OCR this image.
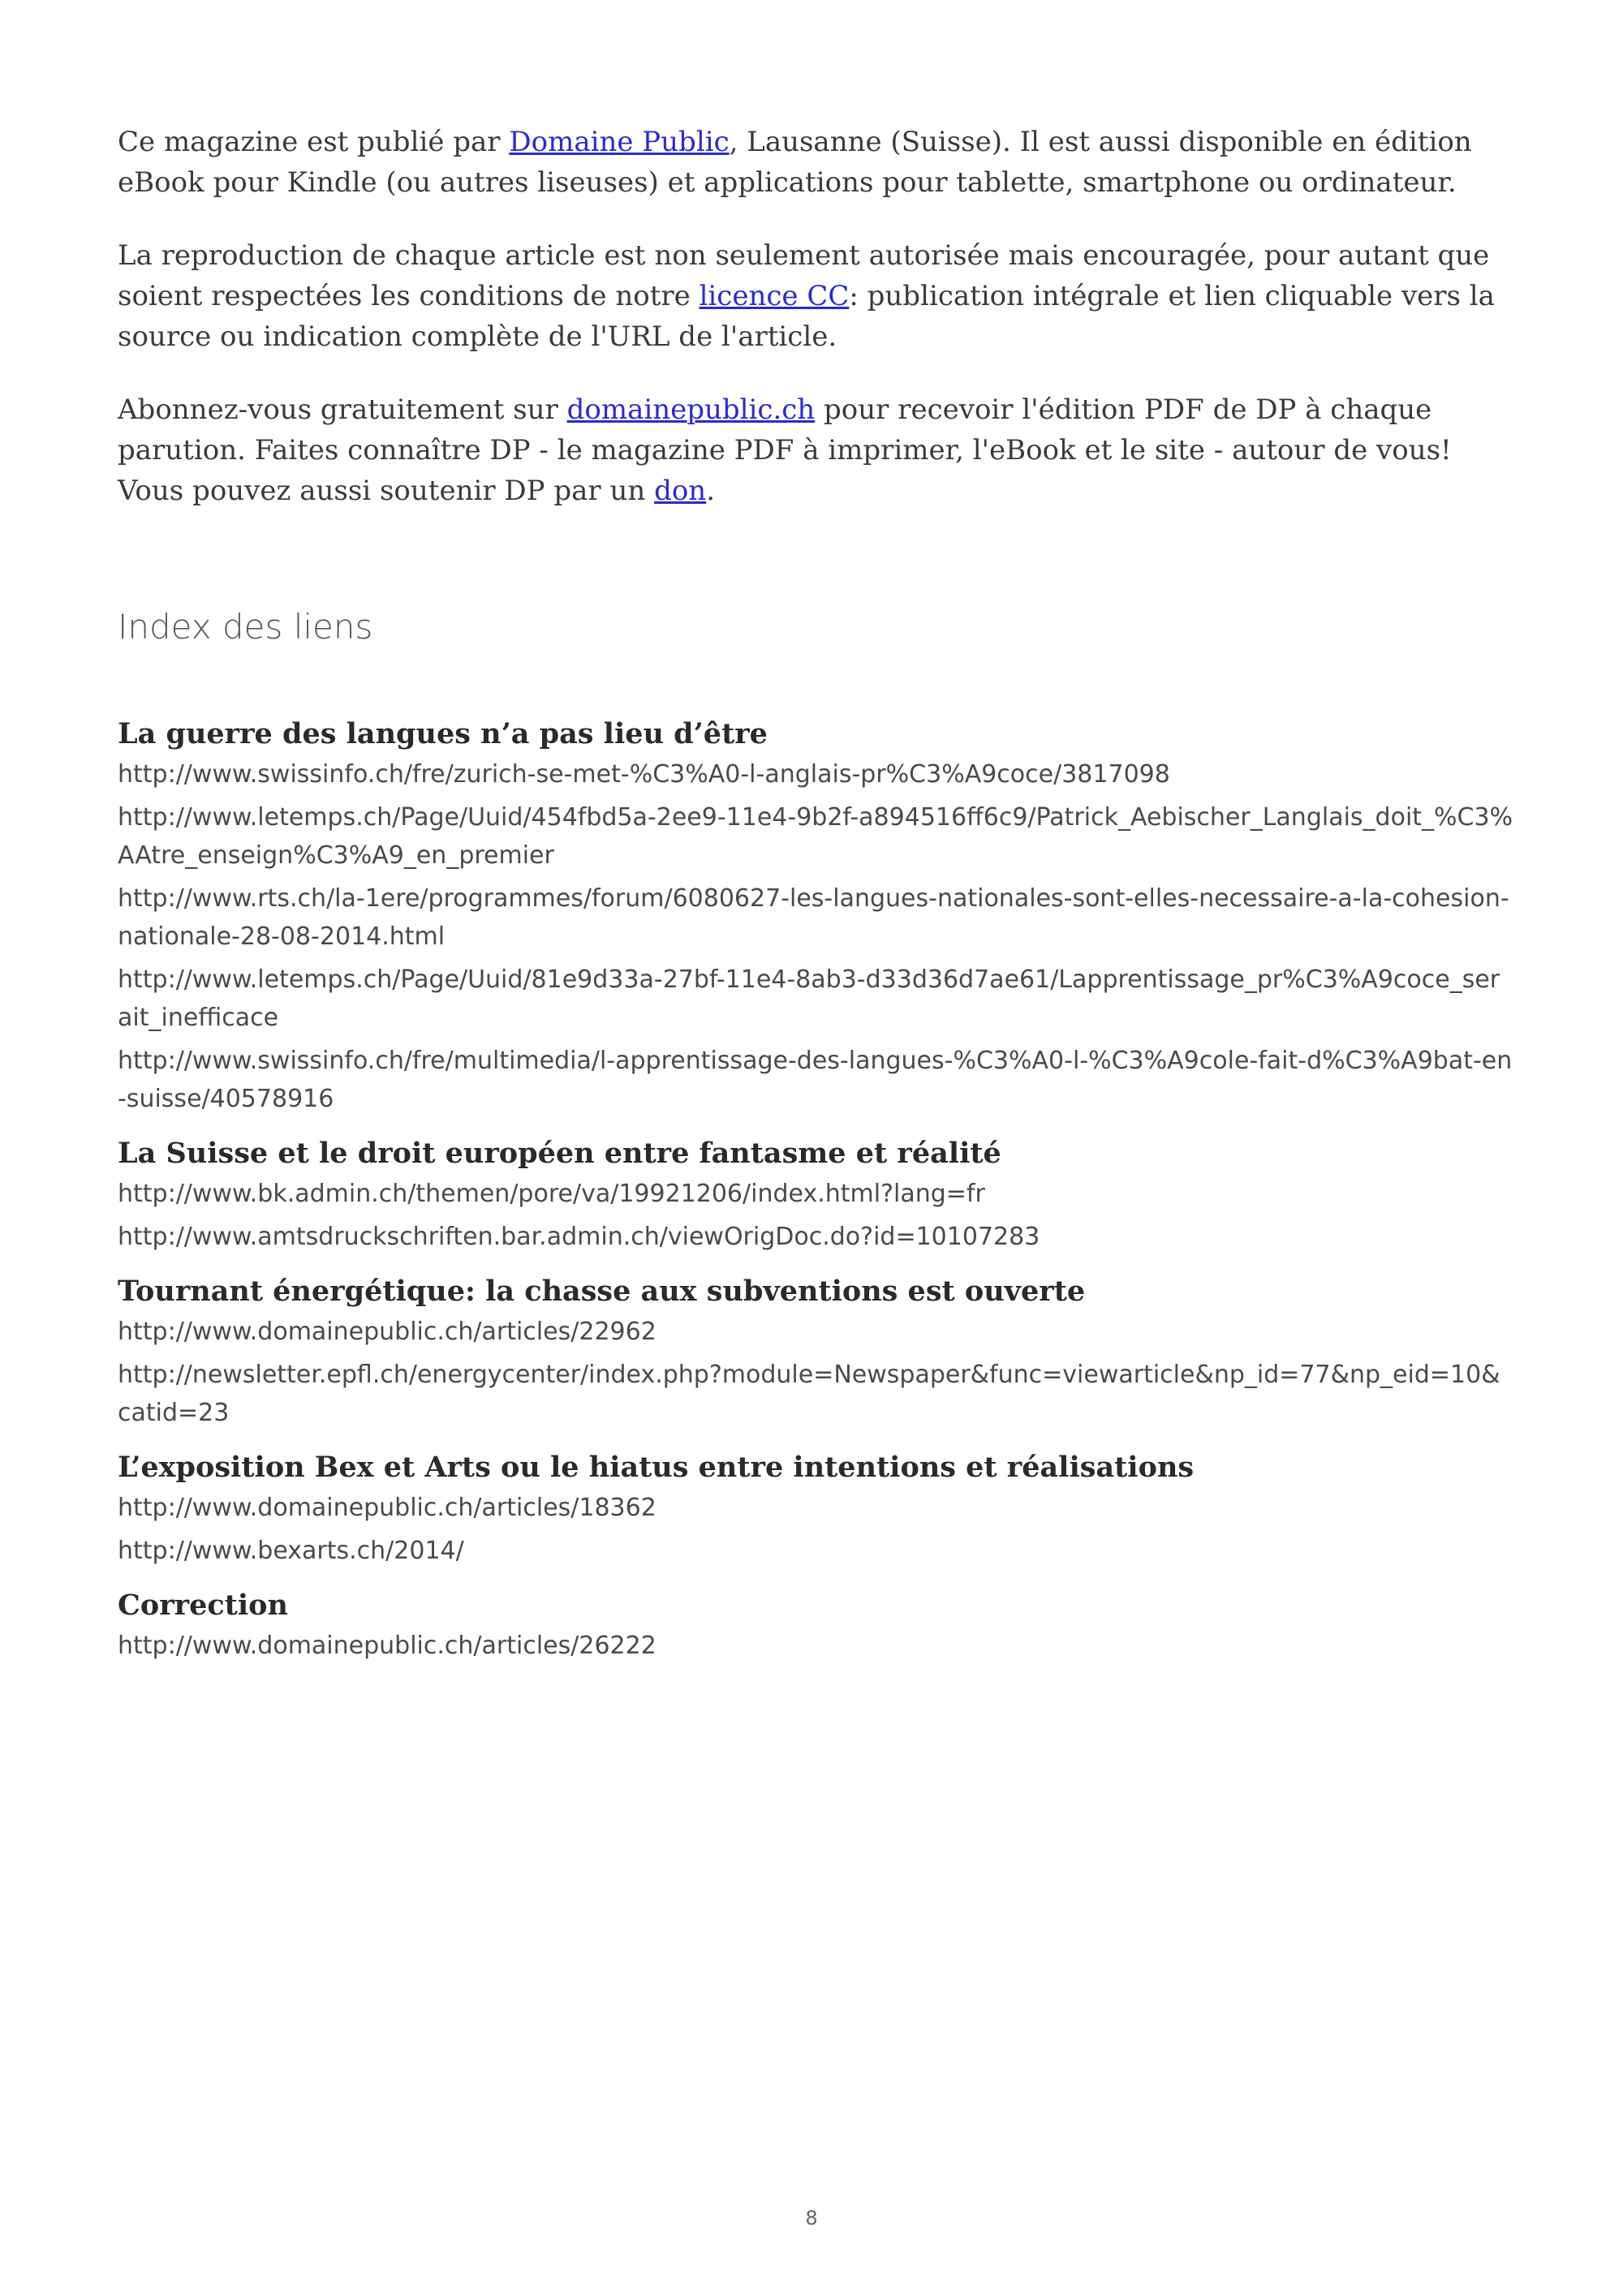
Ce magazine est publié par Domaine Public, Lausanne (Suisse). Il est aussi disponible en édition eBook pour Kindle (ou autres liseuses) et applications pour tablette, smartphone ou ordinateur.

La reproduction de chaque article est non seulement autorisée mais encouragée, pour autant que soient respectées les conditions de notre licence CC: publication intégrale et lien cliquable vers la source ou indication complète de l'URL de l'article.

Abonnez-vous gratuitement sur domainepublic.ch pour recevoir l'édition PDF de DP à chaque parution. Faites connaître DP - le magazine PDF à imprimer, l'eBook et le site - autour de vous! Vous pouvez aussi soutenir DP par un don.

Index des liens
La guerre des langues n’a pas lieu d’être
http://www.swissinfo.ch/fre/zurich-se-met-%C3%A0-l-anglais-pr%C3%A9coce/3817098
http://www.letemps.ch/Page/Uuid/454fbd5a-2ee9-11e4-9b2f-a894516ff6c9/Patrick_Aebischer_Langlais_doit_%C3%AAtre_enseign%C3%A9_en_premier
http://www.rts.ch/la-1ere/programmes/forum/6080627-les-langues-nationales-sont-elles-necessaire-a-la-cohesion-nationale-28-08-2014.html
http://www.letemps.ch/Page/Uuid/81e9d33a-27bf-11e4-8ab3-d33d36d7ae61/Lapprentissage_pr%C3%A9coce_serait_inefficace
http://www.swissinfo.ch/fre/multimedia/l-apprentissage-des-langues-%C3%A0-l-%C3%A9cole-fait-d%C3%A9bat-en-suisse/40578916
La Suisse et le droit européen entre fantasme et réalité
http://www.bk.admin.ch/themen/pore/va/19921206/index.html?lang=fr
http://www.amtsdruckschriften.bar.admin.ch/viewOrigDoc.do?id=10107283
Tournant énergétique: la chasse aux subventions est ouverte
http://www.domainepublic.ch/articles/22962
http://newsletter.epfl.ch/energycenter/index.php?module=Newspaper&func=viewarticle&np_id=77&np_eid=10&catid=23
L’exposition Bex et Arts ou le hiatus entre intentions et réalisations
http://www.domainepublic.ch/articles/18362
http://www.bexarts.ch/2014/
Correction
http://www.domainepublic.ch/articles/26222
8
